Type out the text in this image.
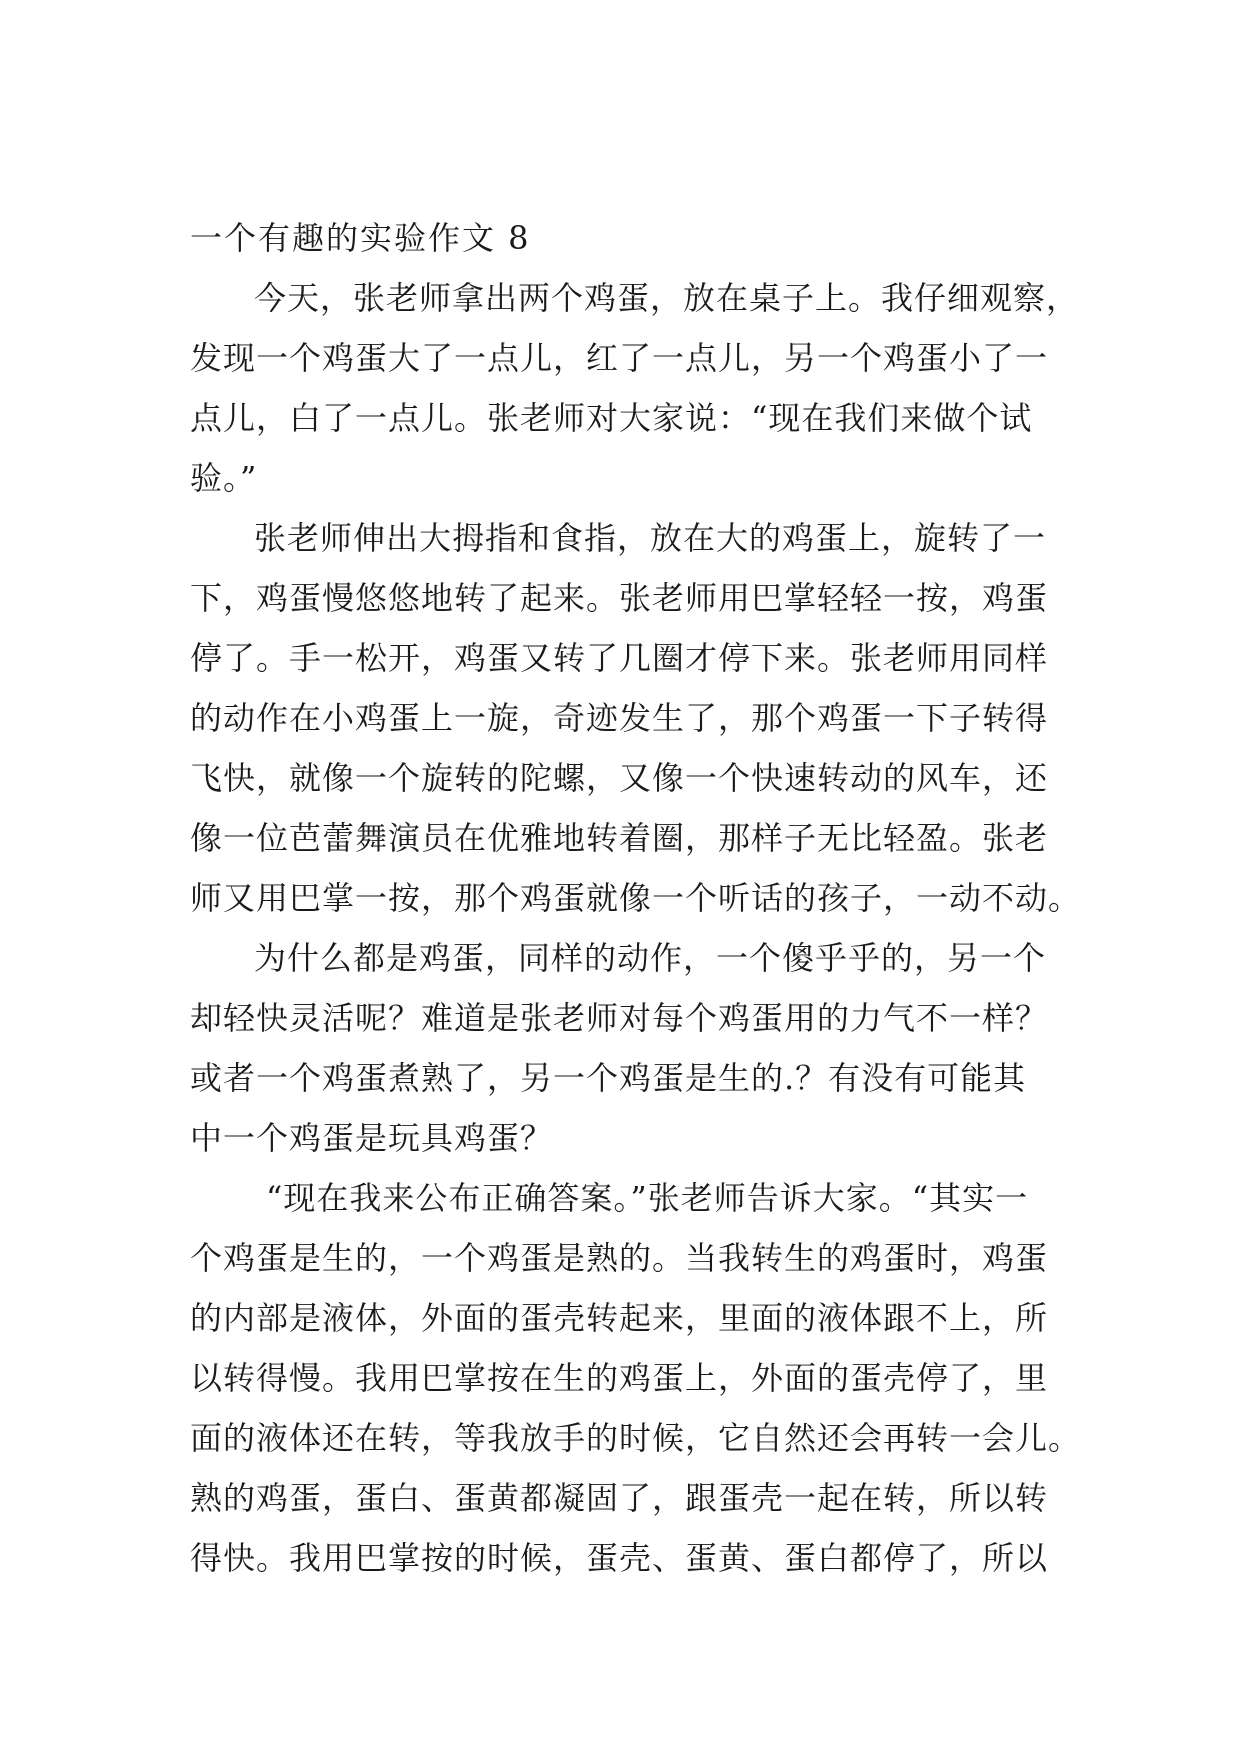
一个有趣的实验作文 8
今天，张老师拿出两个鸡蛋，放在桌子上。我仔细观察，
发现一个鸡蛋大了一点儿，红了一点儿，另一个鸡蛋小了一
点儿，白了一点儿。张老师对大家说：“现在我们来做个试
验。”
张老师伸出大拇指和食指，放在大的鸡蛋上，旋转了一
下，鸡蛋慢悠悠地转了起来。张老师用巴掌轻轻一按，鸡蛋
停了。手一松开，鸡蛋又转了几圈才停下来。张老师用同样
的动作在小鸡蛋上一旋，奇迹发生了，那个鸡蛋一下子转得
飞快，就像一个旋转的陀螺，又像一个快速转动的风车，还
像一位芭蕾舞演员在优雅地转着圈，那样子无比轻盈。张老
师又用巴掌一按，那个鸡蛋就像一个听话的孩子，一动不动。
为什么都是鸡蛋，同样的动作，一个傻乎乎的，另一个
却轻快灵活呢？难道是张老师对每个鸡蛋用的力气不一样？
或者一个鸡蛋煮熟了，另一个鸡蛋是生的.？有没有可能其
中一个鸡蛋是玩具鸡蛋？
“现在我来公布正确答案。”张老师告诉大家。“其实一
个鸡蛋是生的，一个鸡蛋是熟的。当我转生的鸡蛋时，鸡蛋
的内部是液体，外面的蛋壳转起来，里面的液体跟不上，所
以转得慢。我用巴掌按在生的鸡蛋上，外面的蛋壳停了，里
面的液体还在转，等我放手的时候，它自然还会再转一会儿。
熟的鸡蛋，蛋白、蛋黄都凝固了，跟蛋壳一起在转，所以转
得快。我用巴掌按的时候，蛋壳、蛋黄、蛋白都停了，所以
